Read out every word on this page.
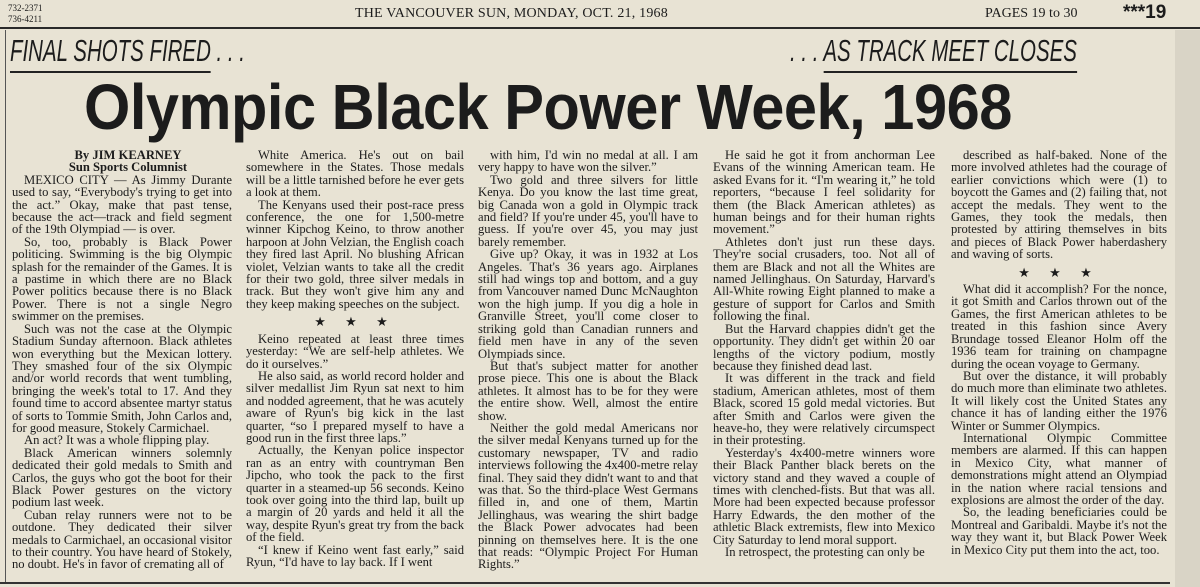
732-2371
736-4211	THE VANCOUVER SUN, MONDAY, OCT. 21, 1968	PAGES 19 to 30 ***19
FINAL SHOTS FIRED . . .	. . . AS TRACK MEET CLOSES
Olympic Black Power Week, 1968

By JIM KEARNEY

Sun Sports Columnist

MEXICO CITY — As Jimmy Durante used to say, “Everybody's trying to get into the act.” Okay, make that past tense, because the act—track and field segment of the 19th Olympiad — is over.

So, too, probably is Black Power politicing. Swimming is the big Olympic splash for the remainder of the Games. It is a pastime in which there are no Black Power politics because there is no Black Power. There is not a single Negro swimmer on the premises.

Such was not the case at the Olympic Stadium Sunday afternoon. Black athletes won everything but the Mexican lottery. They smashed four of the six Olympic and/or world records that went tumbling, bringing the week's total to 17. And they found time to accord absentee martyr status of sorts to Tommie Smith, John Carlos and, for good measure, Stokely Carmichael.

An act? It was a whole flipping play.

Black American winners solemnly dedicated their gold medals to Smith and Carlos, the guys who got the boot for their Black Power gestures on the victory podium last week.

Cuban relay runners were not to be outdone. They dedicated their silver medals to Carmichael, an occasional visitor to their country. You have heard of Stokely, no doubt. He's in favor of cremating all of

White America. He's out on bail somewhere in the States. Those medals will be a little tarnished before he ever gets a look at them.

The Kenyans used their post-race press conference, the one for 1,500-metre winner Kipchog Keino, to throw another harpoon at John Velzian, the English coach they fired last April. No blushing African violet, Velzian wants to take all the credit for their two gold, three silver medals in track. But they won't give him any and they keep making speeches on the subject.

★ ★ ★

Keino repeated at least three times yesterday: “We are self-help athletes. We do it ourselves.”

He also said, as world record holder and silver medallist Jim Ryun sat next to him and nodded agreement, that he was acutely aware of Ryun's big kick in the last quarter, “so I prepared myself to have a good run in the first three laps.”

Actually, the Kenyan police inspector ran as an entry with countryman Ben Jipcho, who took the pack to the first quarter in a steamed-up 56 seconds. Keino took over going into the third lap, built up a margin of 20 yards and held it all the way, despite Ryun's great try from the back of the field.

“I knew if Keino went fast early,” said Ryun, “I'd have to lay back. If I went

with him, I'd win no medal at all. I am very happy to have won the silver.”

Two gold and three silvers for little Kenya. Do you know the last time great, big Canada won a gold in Olympic track and field? If you're under 45, you'll have to guess. If you're over 45, you may just barely remember.

Give up? Okay, it was in 1932 at Los Angeles. That's 36 years ago. Airplanes still had wings top and bottom, and a guy from Vancouver named Dunc McNaughton won the high jump. If you dig a hole in Granville Street, you'll come closer to striking gold than Canadian runners and field men have in any of the seven Olympiads since.

But that's subject matter for another prose piece. This one is about the Black athletes. It almost has to be for they were the entire show. Well, almost the entire show.

Neither the gold medal Americans nor the silver medal Kenyans turned up for the customary newspaper, TV and radio interviews following the 4x400-metre relay final. They said they didn't want to and that was that. So the third-place West Germans filled in, and one of them, Martin Jellinghaus, was wearing the shirt badge the Black Power advocates had been pinning on themselves here. It is the one that reads: “Olympic Project For Human Rights.”

He said he got it from anchorman Lee Evans of the winning American team. He asked Evans for it. “I'm wearing it,” he told reporters, “because I feel solidarity for them (the Black American athletes) as human beings and for their human rights movement.”

Athletes don't just run these days. They're social crusaders, too. Not all of them are Black and not all the Whites are named Jellinghaus. On Saturday, Harvard's All-White rowing Eight planned to make a gesture of support for Carlos and Smith following the final.

But the Harvard chappies didn't get the opportunity. They didn't get within 20 oar lengths of the victory podium, mostly because they finished dead last.

It was different in the track and field stadium, American athletes, most of them Black, scored 15 gold medal victories. But after Smith and Carlos were given the heave-ho, they were relatively circumspect in their protesting.

Yesterday's 4x400-metre winners wore their Black Panther black berets on the victory stand and they waved a couple of times with clenched-fists. But that was all. More had been expected because professor Harry Edwards, the den mother of the athletic Black extremists, flew into Mexico City Saturday to lend moral support.

In retrospect, the protesting can only be

described as half-baked. None of the more involved athletes had the courage of earlier convictions which were (1) to boycott the Games and (2) failing that, not accept the medals. They went to the Games, they took the medals, then protested by attiring themselves in bits and pieces of Black Power haberdashery and waving of sorts.

★ ★ ★

What did it accomplish? For the nonce, it got Smith and Carlos thrown out of the Games, the first American athletes to be treated in this fashion since Avery Brundage tossed Eleanor Holm off the 1936 team for training on champagne during the ocean voyage to Germany.

But over the distance, it will probably do much more than eliminate two athletes. It will likely cost the United States any chance it has of landing either the 1976 Winter or Summer Olympics.

International Olympic Committee members are alarmed. If this can happen in Mexico City, what manner of demonstrations might attend an Olympiad in the nation where racial tensions and explosions are almost the order of the day.

So, the leading beneficiaries could be Montreal and Garibaldi. Maybe it's not the way they want it, but Black Power Week in Mexico City put them into the act, too.
